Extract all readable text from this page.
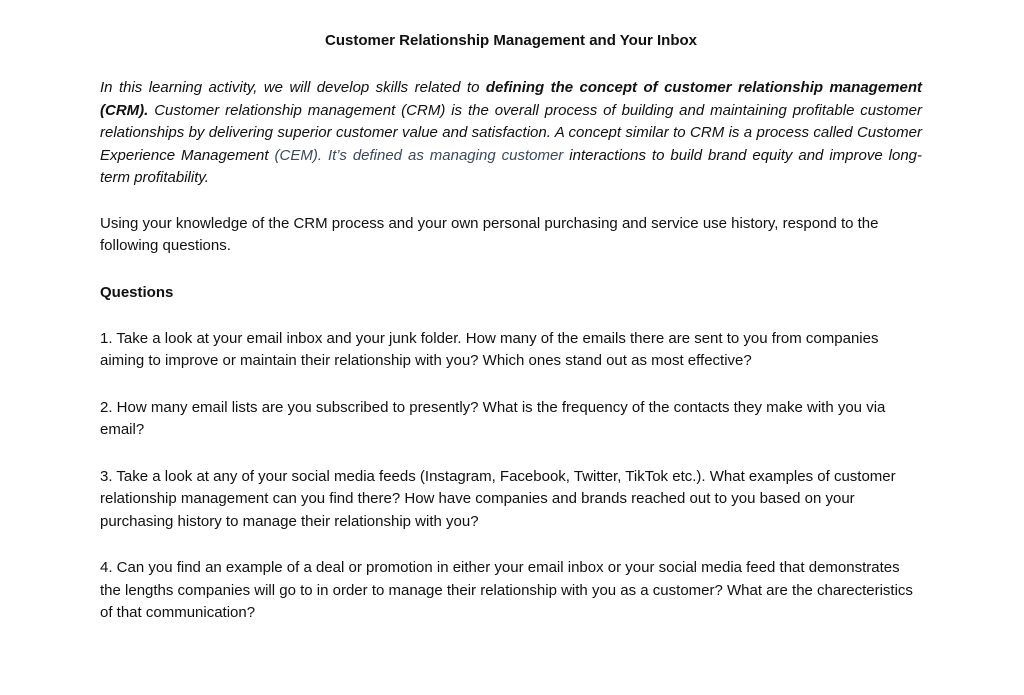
Customer Relationship Management and Your Inbox

In this learning activity, we will develop skills related to defining the concept of customer relationship management (CRM). Customer relationship management (CRM) is the overall process of building and maintaining profitable customer relationships by delivering superior customer value and satisfaction. A concept similar to CRM is a process called Customer Experience Management (CEM). It’s defined as managing customer interactions to build brand equity and improve long-term profitability.

Using your knowledge of the CRM process and your own personal purchasing and service use history, respond to the following questions.

Questions

1. Take a look at your email inbox and your junk folder. How many of the emails there are sent to you from companies aiming to improve or maintain their relationship with you? Which ones stand out as most effective?

2. How many email lists are you subscribed to presently? What is the frequency of the contacts they make with you via email?

3. Take a look at any of your social media feeds (Instagram, Facebook, Twitter, TikTok etc.). What examples of customer relationship management can you find there? How have companies and brands reached out to you based on your purchasing history to manage their relationship with you?

4. Can you find an example of a deal or promotion in either your email inbox or your social media feed that demonstrates the lengths companies will go to in order to manage their relationship with you as a customer? What are the charecteristics of that communication?
